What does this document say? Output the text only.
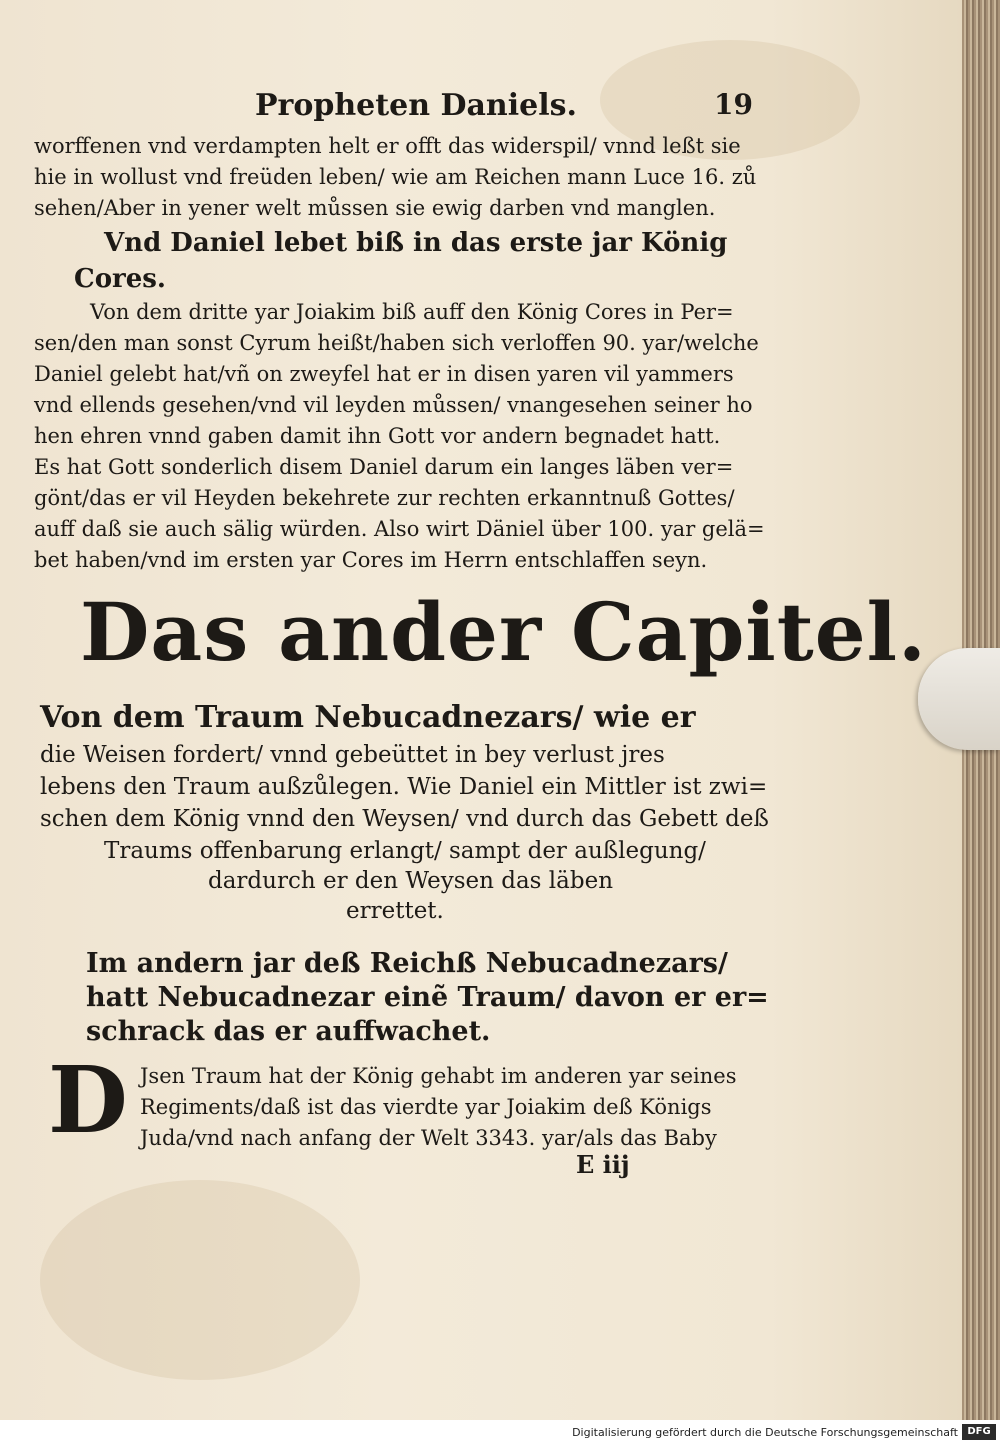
Propheten Daniels.	19
worffenen vnd verdampten helt er offt das widerspil/ vnnd leßt sie
hie in wollust vnd freüden leben/ wie am Reichen mann Luce 16. zů
sehen/Aber in yener welt můssen sie ewig darben vnd manglen.
Vnd Daniel lebet biß in das erste jar König
Cores.
Von dem dritte yar Joiakim biß auff den König Cores in Per=
sen/den man sonst Cyrum heißt/haben sich verloffen 90. yar/welche
Daniel gelebt hat/vñ on zweyfel hat er in disen yaren vil yammers
vnd ellends gesehen/vnd vil leyden můssen/ vnangesehen seiner ho
hen ehren vnnd gaben damit ihn Gott vor andern begnadet hatt.
Es hat Gott sonderlich disem Daniel darum ein langes läben ver=
gönt/das er vil Heyden bekehrete zur rechten erkanntnuß Gottes/
auff daß sie auch sälig würden. Also wirt Däniel über 100. yar gelä=
bet haben/vnd im ersten yar Cores im Herrn entschlaffen seyn.
Das ander Capitel.
Von dem Traum Nebucadnezars/ wie er
die Weisen fordert/ vnnd gebeüttet in bey verlust jres
lebens den Traum außzůlegen. Wie Daniel ein Mittler ist zwi=
schen dem König vnnd den Weysen/ vnd durch das Gebett deß
Traums offenbarung erlangt/ sampt der außlegung/
dardurch er den Weysen das läben
errettet.
Im andern jar deß Reichß Nebucadnezars/
hatt Nebucadnezar einẽ Traum/ davon er er=
schrack das er auffwachet.
D Jsen Traum hat der König gehabt im anderen yar seines
Regiments/daß ist das vierdte yar Joiakim deß Königs
Juda/vnd nach anfang der Welt 3343. yar/als das Baby
E iij
Digitalisierung gefördert durch die Deutsche Forschungsgemeinschaft DFG
